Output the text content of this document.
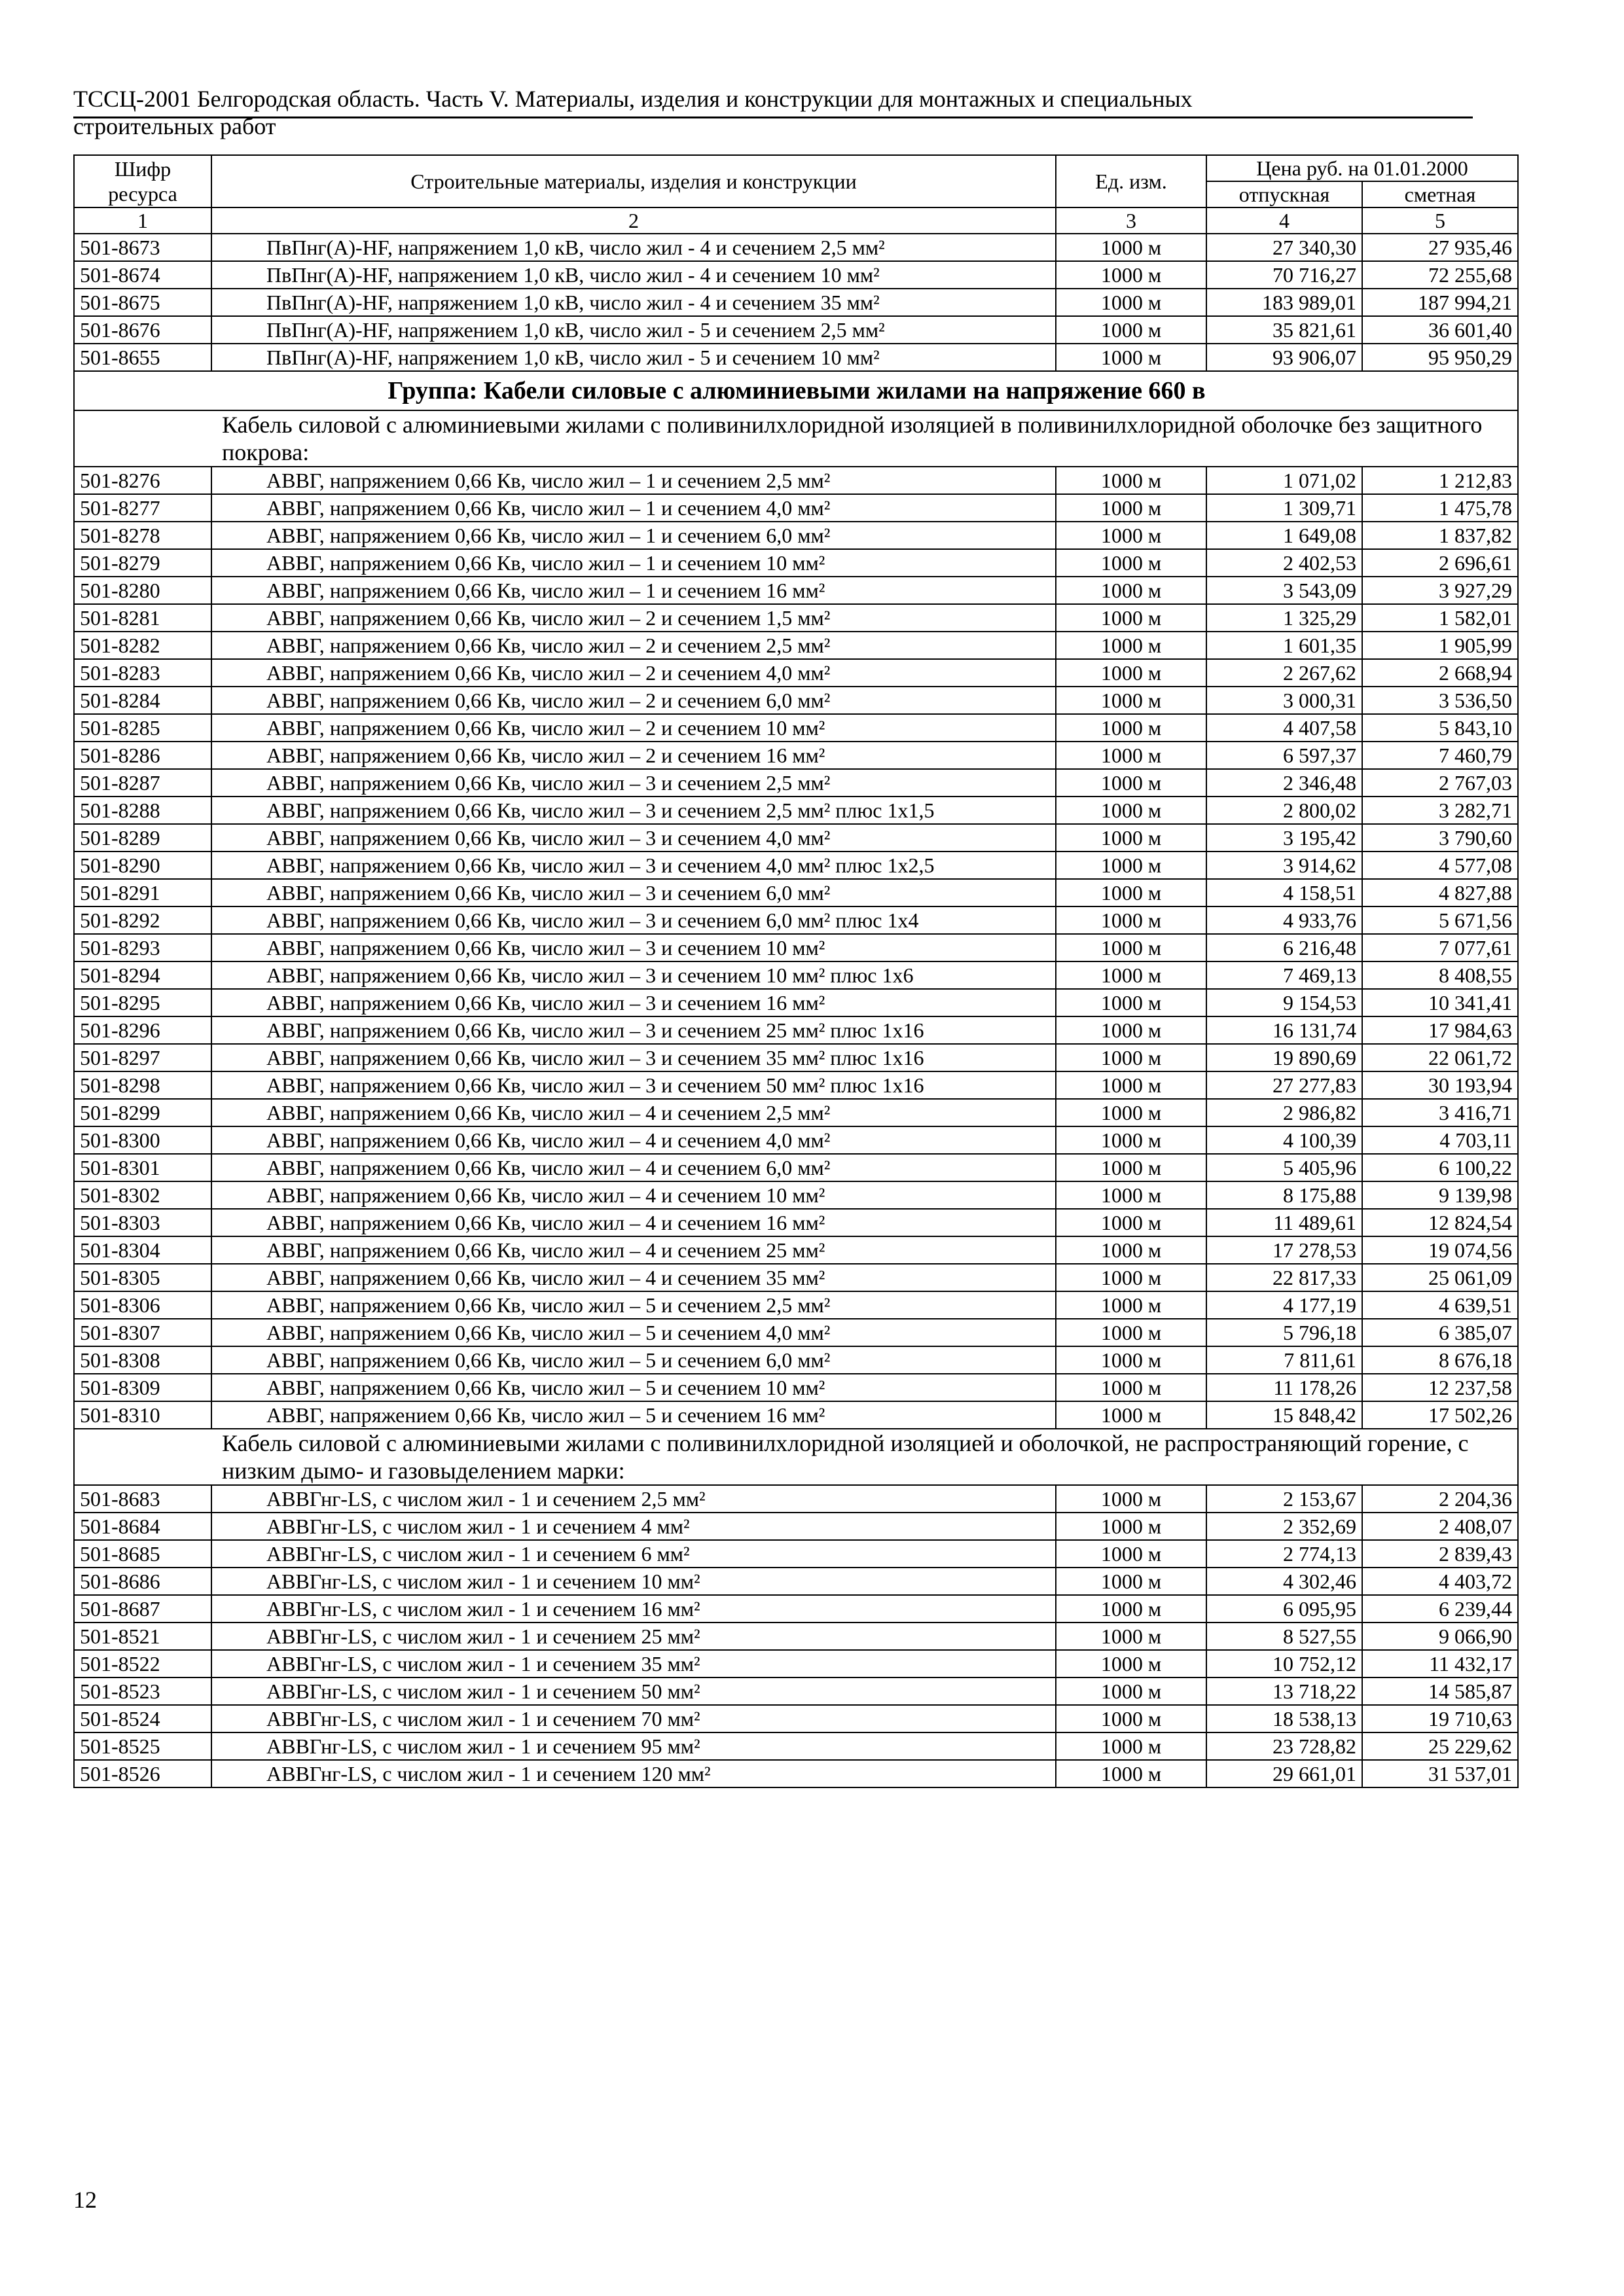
ТССЦ-2001 Белгородская область. Часть V. Материалы, изделия и конструкции для монтажных и специальных
строительных работ
Шифр ресурса	Строительные материалы, изделия и конструкции	Ед. изм.	Цена руб. на 01.01.2000	
			отпускная	сметная
1	2	3	4	5
501-8673	ПвПнг(А)-HF, напряжением 1,0 кВ, число жил - 4 и сечением 2,5 мм²	1000 м	27 340,30	27 935,46
501-8674	ПвПнг(А)-HF, напряжением 1,0 кВ, число жил - 4 и сечением 10 мм²	1000 м	70 716,27	72 255,68
501-8675	ПвПнг(А)-HF, напряжением 1,0 кВ, число жил - 4 и сечением 35 мм²	1000 м	183 989,01	187 994,21
501-8676	ПвПнг(А)-HF, напряжением 1,0 кВ, число жил - 5 и сечением 2,5 мм²	1000 м	35 821,61	36 601,40
501-8655	ПвПнг(А)-HF, напряжением 1,0 кВ, число жил - 5 и сечением 10 мм²	1000 м	93 906,07	95 950,29
Группа: Кабели силовые с алюминиевыми жилами на напряжение 660 в				
Кабель силовой с алюминиевыми жилами с поливинилхлоридной изоляцией в поливинилхлоридной оболочке без защитного покрова:				
501-8276	АВВГ, напряжением 0,66 Кв, число жил – 1 и сечением 2,5 мм²	1000 м	1 071,02	1 212,83
501-8277	АВВГ, напряжением 0,66 Кв, число жил – 1 и сечением 4,0 мм²	1000 м	1 309,71	1 475,78
501-8278	АВВГ, напряжением 0,66 Кв, число жил – 1 и сечением 6,0 мм²	1000 м	1 649,08	1 837,82
501-8279	АВВГ, напряжением 0,66 Кв, число жил – 1 и сечением 10 мм²	1000 м	2 402,53	2 696,61
501-8280	АВВГ, напряжением 0,66 Кв, число жил – 1 и сечением 16 мм²	1000 м	3 543,09	3 927,29
501-8281	АВВГ, напряжением 0,66 Кв, число жил – 2 и сечением 1,5 мм²	1000 м	1 325,29	1 582,01
501-8282	АВВГ, напряжением 0,66 Кв, число жил – 2 и сечением 2,5 мм²	1000 м	1 601,35	1 905,99
501-8283	АВВГ, напряжением 0,66 Кв, число жил – 2 и сечением 4,0 мм²	1000 м	2 267,62	2 668,94
501-8284	АВВГ, напряжением 0,66 Кв, число жил – 2 и сечением 6,0 мм²	1000 м	3 000,31	3 536,50
501-8285	АВВГ, напряжением 0,66 Кв, число жил – 2 и сечением 10 мм²	1000 м	4 407,58	5 843,10
501-8286	АВВГ, напряжением 0,66 Кв, число жил – 2 и сечением 16 мм²	1000 м	6 597,37	7 460,79
501-8287	АВВГ, напряжением 0,66 Кв, число жил – 3 и сечением 2,5 мм²	1000 м	2 346,48	2 767,03
501-8288	АВВГ, напряжением 0,66 Кв, число жил – 3 и сечением 2,5 мм² плюс 1х1,5	1000 м	2 800,02	3 282,71
501-8289	АВВГ, напряжением 0,66 Кв, число жил – 3 и сечением 4,0 мм²	1000 м	3 195,42	3 790,60
501-8290	АВВГ, напряжением 0,66 Кв, число жил – 3 и сечением 4,0 мм² плюс 1х2,5	1000 м	3 914,62	4 577,08
501-8291	АВВГ, напряжением 0,66 Кв, число жил – 3 и сечением 6,0 мм²	1000 м	4 158,51	4 827,88
501-8292	АВВГ, напряжением 0,66 Кв, число жил – 3 и сечением 6,0 мм² плюс 1х4	1000 м	4 933,76	5 671,56
501-8293	АВВГ, напряжением 0,66 Кв, число жил – 3 и сечением 10 мм²	1000 м	6 216,48	7 077,61
501-8294	АВВГ, напряжением 0,66 Кв, число жил – 3 и сечением 10 мм² плюс 1х6	1000 м	7 469,13	8 408,55
501-8295	АВВГ, напряжением 0,66 Кв, число жил – 3 и сечением 16 мм²	1000 м	9 154,53	10 341,41
501-8296	АВВГ, напряжением 0,66 Кв, число жил – 3 и сечением 25 мм² плюс 1х16	1000 м	16 131,74	17 984,63
501-8297	АВВГ, напряжением 0,66 Кв, число жил – 3 и сечением 35 мм² плюс 1х16	1000 м	19 890,69	22 061,72
501-8298	АВВГ, напряжением 0,66 Кв, число жил – 3 и сечением 50 мм² плюс 1х16	1000 м	27 277,83	30 193,94
501-8299	АВВГ, напряжением 0,66 Кв, число жил – 4 и сечением 2,5 мм²	1000 м	2 986,82	3 416,71
501-8300	АВВГ, напряжением 0,66 Кв, число жил – 4 и сечением 4,0 мм²	1000 м	4 100,39	4 703,11
501-8301	АВВГ, напряжением 0,66 Кв, число жил – 4 и сечением 6,0 мм²	1000 м	5 405,96	6 100,22
501-8302	АВВГ, напряжением 0,66 Кв, число жил – 4 и сечением 10 мм²	1000 м	8 175,88	9 139,98
501-8303	АВВГ, напряжением 0,66 Кв, число жил – 4 и сечением 16 мм²	1000 м	11 489,61	12 824,54
501-8304	АВВГ, напряжением 0,66 Кв, число жил – 4 и сечением 25 мм²	1000 м	17 278,53	19 074,56
501-8305	АВВГ, напряжением 0,66 Кв, число жил – 4 и сечением 35 мм²	1000 м	22 817,33	25 061,09
501-8306	АВВГ, напряжением 0,66 Кв, число жил – 5 и сечением 2,5 мм²	1000 м	4 177,19	4 639,51
501-8307	АВВГ, напряжением 0,66 Кв, число жил – 5 и сечением 4,0 мм²	1000 м	5 796,18	6 385,07
501-8308	АВВГ, напряжением 0,66 Кв, число жил – 5 и сечением 6,0 мм²	1000 м	7 811,61	8 676,18
501-8309	АВВГ, напряжением 0,66 Кв, число жил – 5 и сечением 10 мм²	1000 м	11 178,26	12 237,58
501-8310	АВВГ, напряжением 0,66 Кв, число жил – 5 и сечением 16 мм²	1000 м	15 848,42	17 502,26
Кабель силовой с алюминиевыми жилами с поливинилхлоридной изоляцией и оболочкой, не распространяющий горение, с низким дымо- и газовыделением марки:				
501-8683	АВВГнг-LS, с числом жил - 1 и сечением 2,5 мм²	1000 м	2 153,67	2 204,36
501-8684	АВВГнг-LS, с числом жил - 1 и сечением 4 мм²	1000 м	2 352,69	2 408,07
501-8685	АВВГнг-LS, с числом жил - 1 и сечением 6 мм²	1000 м	2 774,13	2 839,43
501-8686	АВВГнг-LS, с числом жил - 1 и сечением 10 мм²	1000 м	4 302,46	4 403,72
501-8687	АВВГнг-LS, с числом жил - 1 и сечением 16 мм²	1000 м	6 095,95	6 239,44
501-8521	АВВГнг-LS, с числом жил - 1 и сечением 25 мм²	1000 м	8 527,55	9 066,90
501-8522	АВВГнг-LS, с числом жил - 1 и сечением 35 мм²	1000 м	10 752,12	11 432,17
501-8523	АВВГнг-LS, с числом жил - 1 и сечением 50 мм²	1000 м	13 718,22	14 585,87
501-8524	АВВГнг-LS, с числом жил - 1 и сечением 70 мм²	1000 м	18 538,13	19 710,63
501-8525	АВВГнг-LS, с числом жил - 1 и сечением 95 мм²	1000 м	23 728,82	25 229,62
501-8526	АВВГнг-LS, с числом жил - 1 и сечением 120 мм²	1000 м	29 661,01	31 537,01
12
